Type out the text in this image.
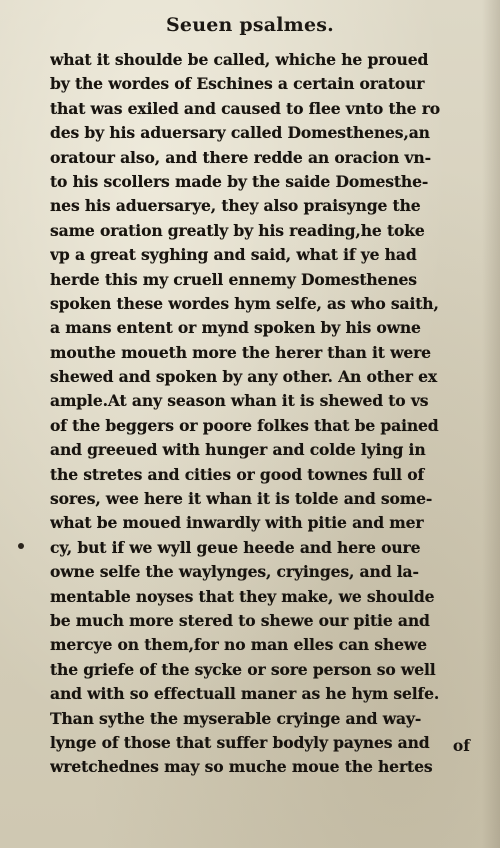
Seuen psalmes.
what it shoulde be called, whiche he proued
by the wordes of Eschines a certain oratour
that was exiled and caused to flee vnto the ro
des by his aduersary called Domesthenes,an
oratour also, and there redde an oracion vn-
to his scollers made by the saide Domesthe-
nes his aduersarye, they also praisynge the
same oration greatly by his reading,he toke
vp a great syghing and said, what if ye had
herde this my cruell ennemy Domesthenes
spoken these wordes hym selfe, as who saith,
a mans entent or mynd spoken by his owne
mouthe moueth more the herer than it were
shewed and spoken by any other. An other ex
ample.At any season whan it is shewed to vs
of the beggers or poore folkes that be pained
and greeued with hunger and colde lying in
the stretes and cities or good townes full of
sores, wee here it whan it is tolde and some-
what be moued inwardly with pitie and mer
cy, but if we wyll geue heede and here oure
owne selfe the waylynges, cryinges, and la-
mentable noyses that they make, we shoulde
be much more stered to shewe our pitie and
mercye on them,for no man elles can shewe
the griefe of the sycke or sore person so well
and with so effectuall maner as he hym selfe.
Than sythe the myserable cryinge and way-
lynge of those that suffer bodyly paynes and
wretchednes may so muche moue the hertes
of
